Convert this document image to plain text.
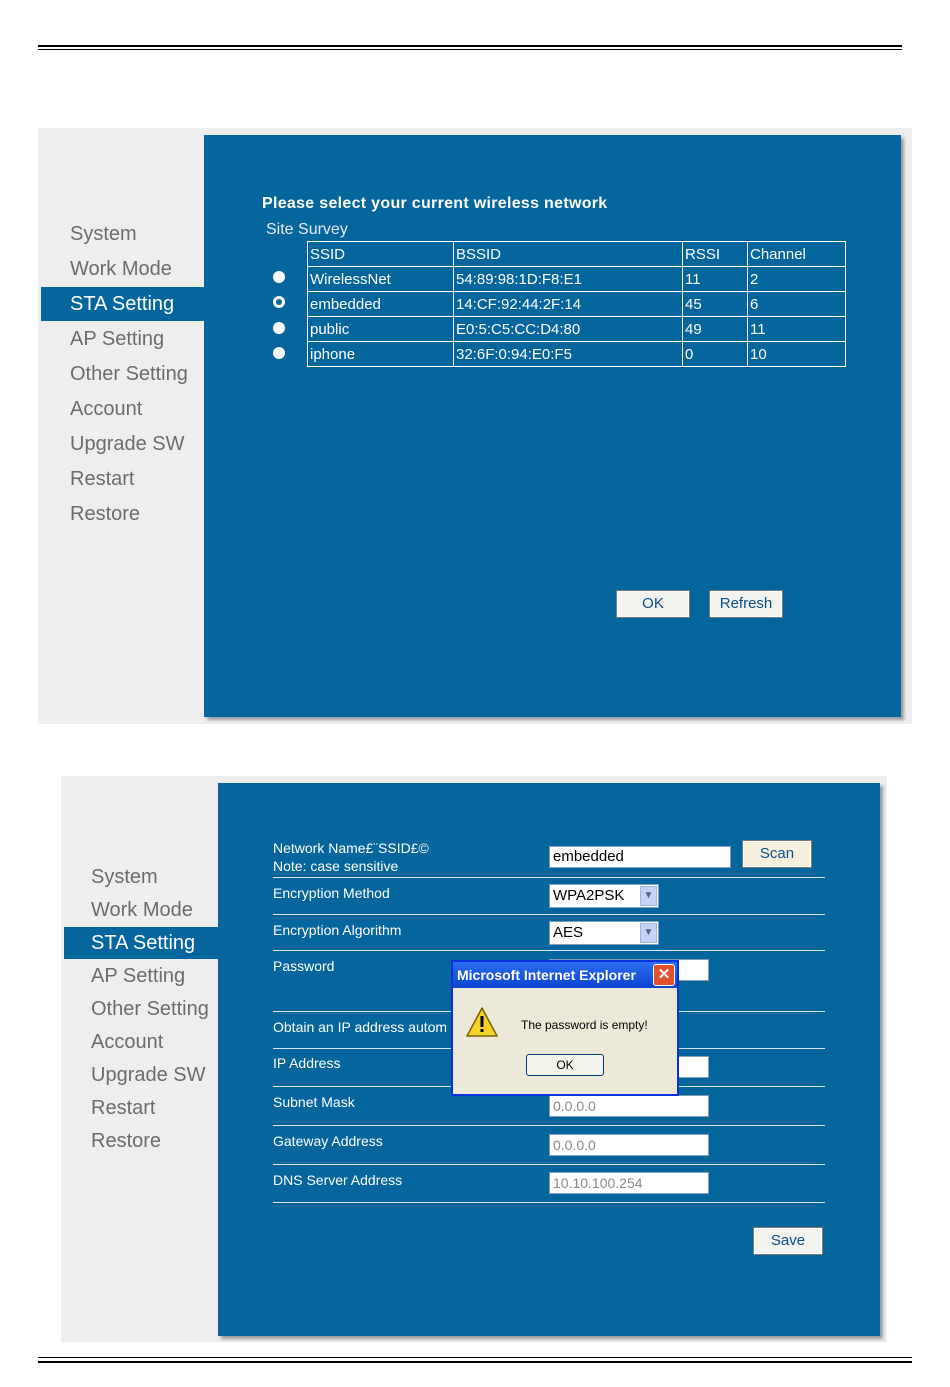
System
Work Mode
STA Setting
AP Setting
Other Setting
Account
Upgrade SW
Restart
Restore
Please select your current wireless network
Site Survey
SSID	BSSID	RSSI	Channel
WirelessNet	54:89:98:1D:F8:E1	11	2
embedded	14:CF:92:44:2F:14	45	6
public	E0:5:C5:CC:D4:80	49	11
iphone	32:6F:0:94:E0:F5	0	10
OK	Refresh
System
Work Mode
STA Setting
AP Setting
Other Setting
Account
Upgrade SW
Restart
Restore
Network Name£¨SSID£©
Note: case sensitive
embedded	Scan
Encryption Method	WPA2PSK	▼
Encryption Algorithm	AES	▼
Password
Obtain an IP address autom
IP Address
Subnet Mask	0.0.0.0
Gateway Address	0.0.0.0
DNS Server Address	10.10.100.254
Save
Microsoft Internet Explorer	✕
The password is empty!
OK
